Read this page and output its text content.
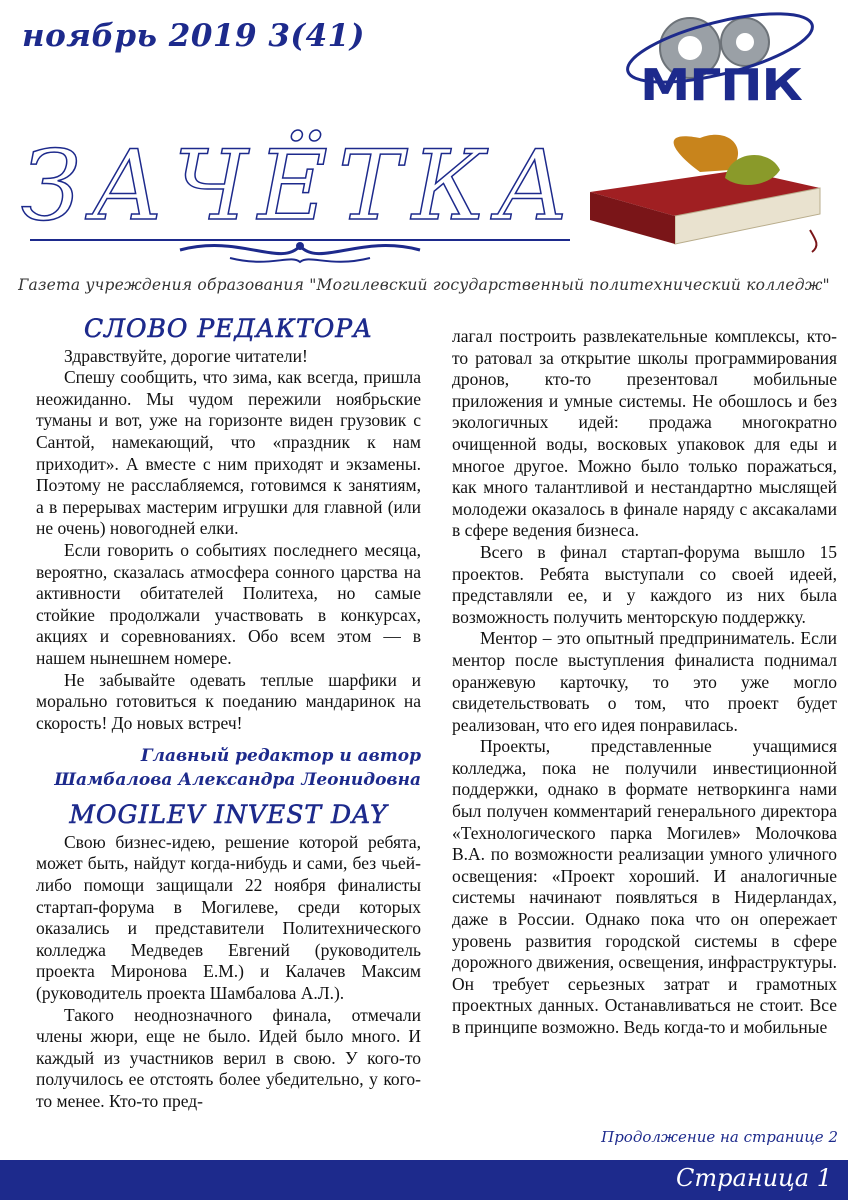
ноябрь 2019 3(41)
МГПК
ЗАЧЁТКА
Газета учреждения образования "Могилевский государственный политехнический колледж"
СЛОВО РЕДАКТОРА

Здравствуйте, дорогие читатели!

Спешу сообщить, что зима, как всегда, пришла неожиданно. Мы чудом пережили ноябрьские туманы и вот, уже на горизонте виден грузовик с Сантой, намекающий, что «праздник к нам приходит». А вместе с ним приходят и экзамены. Поэтому не расслабляемся, готовимся к занятиям, а в перерывах мастерим игрушки для главной (или не очень) новогодней елки.

Если говорить о событиях последнего месяца, вероятно, сказалась атмосфера сонного царства на активности обитателей Политеха, но самые стойкие продолжали участвовать в конкурсах, акциях и соревнованиях. Обо всем этом — в нашем нынешнем номере.

Не забывайте одевать теплые шарфики и морально готовиться к поеданию мандаринок на скорость! До новых встреч!

Главный редактор и автор
Шамбалова Александра Леонидовна
MOGILEV INVEST DAY

Свою бизнес-идею, решение которой ребята, может быть, найдут когда-нибудь и сами, без чьей-либо помощи защищали 22 ноября финалисты стартап-форума в Могилеве, среди которых оказались и представители Политехнического колледжа Медведев Евгений (руководитель проекта Миронова Е.М.) и Калачев Максим (руководитель проекта Шамбалова А.Л.).

Такого неоднозначного финала, отмечали члены жюри, еще не было. Идей было много. И каждый из участников верил в свою. У кого-то получилось ее отстоять более убедительно, у кого-то менее. Кто-то пред-

лагал построить развлекательные комплексы, кто-то ратовал за открытие школы программирования дронов, кто-то презентовал мобильные приложения и умные системы. Не обошлось и без экологичных идей: продажа многократно очищенной воды, восковых упаковок для еды и многое другое. Можно было только поражаться, как много талантливой и нестандартно мыслящей молодежи оказалось в финале наряду с аксакалами в сфере ведения бизнеса.

Всего в финал стартап-форума вышло 15 проектов. Ребята выступали со своей идеей, представляли ее, и у каждого из них была возможность получить менторскую поддержку.

Ментор – это опытный предприниматель. Если ментор после выступления финалиста поднимал оранжевую карточку, то это уже могло свидетельствовать о том, что проект будет реализован, что его идея понравилась.

Проекты, представленные учащимися колледжа, пока не получили инвестиционной поддержки, однако в формате нетворкинга нами был получен комментарий генерального директора «Технологического парка Могилев» Молочкова В.А. по возможности реализации умного уличного освещения: «Проект хороший. И аналогичные системы начинают появляться в Нидерландах, даже в России. Однако пока что он опережает уровень развития городской системы в сфере дорожного движения, освещения, инфраструктуры. Он требует серьезных затрат и грамотных проектных данных. Останавливаться не стоит. Все в принципе возможно. Ведь когда-то и мобильные

Продолжение на странице 2
Страница 1
